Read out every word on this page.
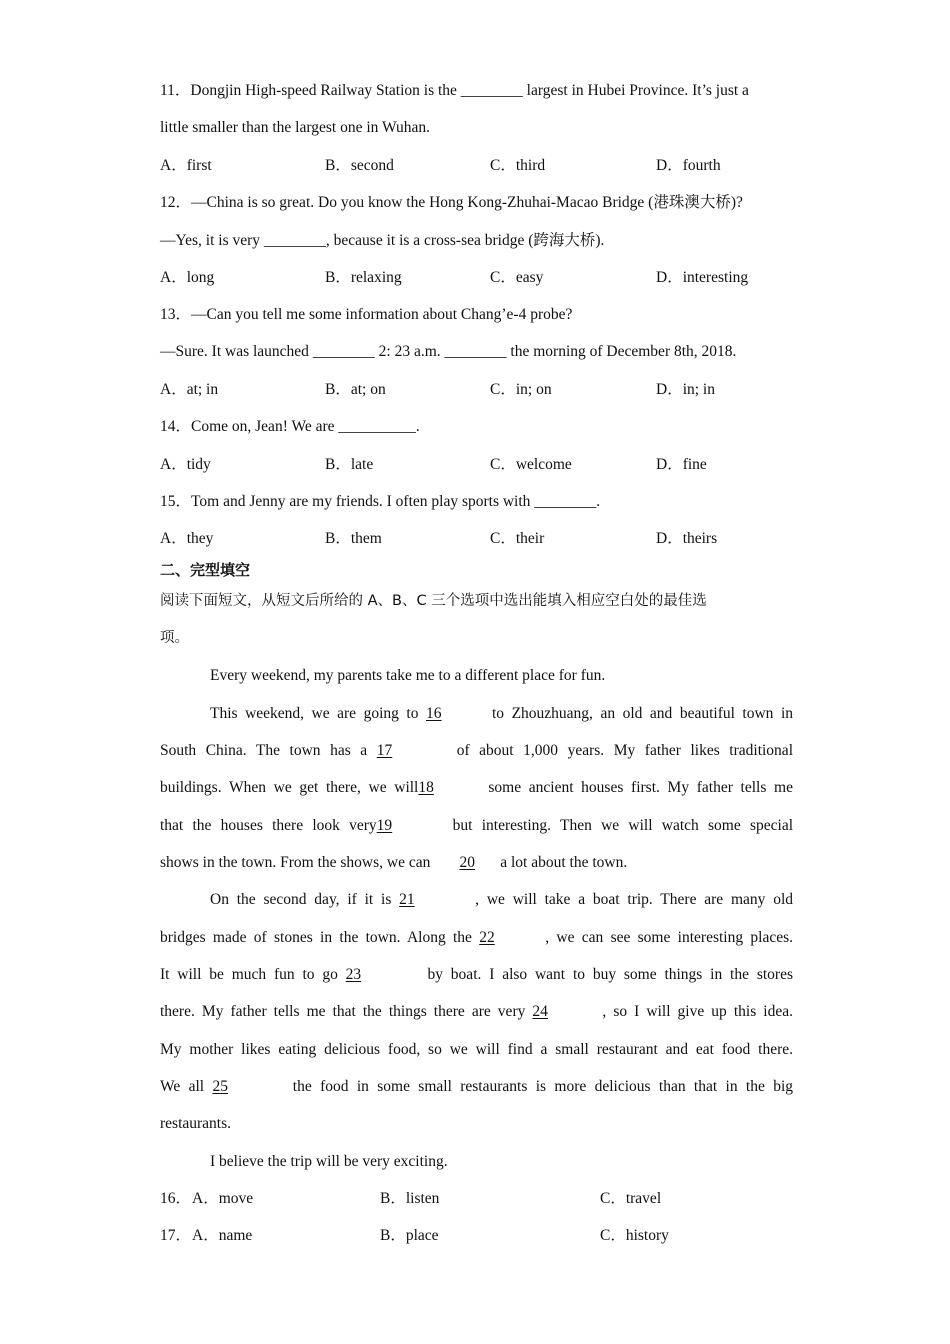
11．Dongjin High-speed Railway Station is the ________ largest in Hubei Province. It’s just a
little smaller than the largest one in Wuhan.
A．first	B．second	C．third	D．fourth
12．—China is so great. Do you know the Hong Kong-Zhuhai-Macao Bridge (港珠澳大桥)?
—Yes, it is very ________, because it is a cross-sea bridge (跨海大桥).
A．long	B．relaxing	C．easy	D．interesting
13．—Can you tell me some information about Chang’e-4 probe?
—Sure. It was launched ________ 2: 23 a.m. ________ the morning of December 8th, 2018.
A．at; in	B．at; on	C．in; on	D．in; in
14．Come on, Jean! We are __________.
A．tidy	B．late	C．welcome	D．fine
15．Tom and Jenny are my friends. I often play sports with ________.
A．they	B．them	C．their	D．theirs
二、完型填空
阅读下面短文，从短文后所给的 A、B、C 三个选项中选出能填入相应空白处的最佳选
项。
Every weekend, my parents take me to a different place for fun.
This weekend, we are going to 16	to Zhouzhuang, an old and beautiful town in
South China. The town has a 17	of about 1,000 years. My father likes traditional
buildings. When we get there, we will18	some ancient houses first. My father tells me
that the houses there look very19	but interesting. Then we will watch some special
shows in the town. From the shows, we can 20 a lot about the town.
On the second day, if it is 21	, we will take a boat trip. There are many old
bridges made of stones in the town. Along the 22	, we can see some interesting places.
It will be much fun to go 23	by boat. I also want to buy some things in the stores
there. My father tells me that the things there are very 24	, so I will give up this idea.
My mother likes eating delicious food, so we will find a small restaurant and eat food there.
We all 25	the food in some small restaurants is more delicious than that in the big
restaurants.
I believe the trip will be very exciting.
16． A．move	B．listen	C．travel
17． A．name	B．place	C．history
